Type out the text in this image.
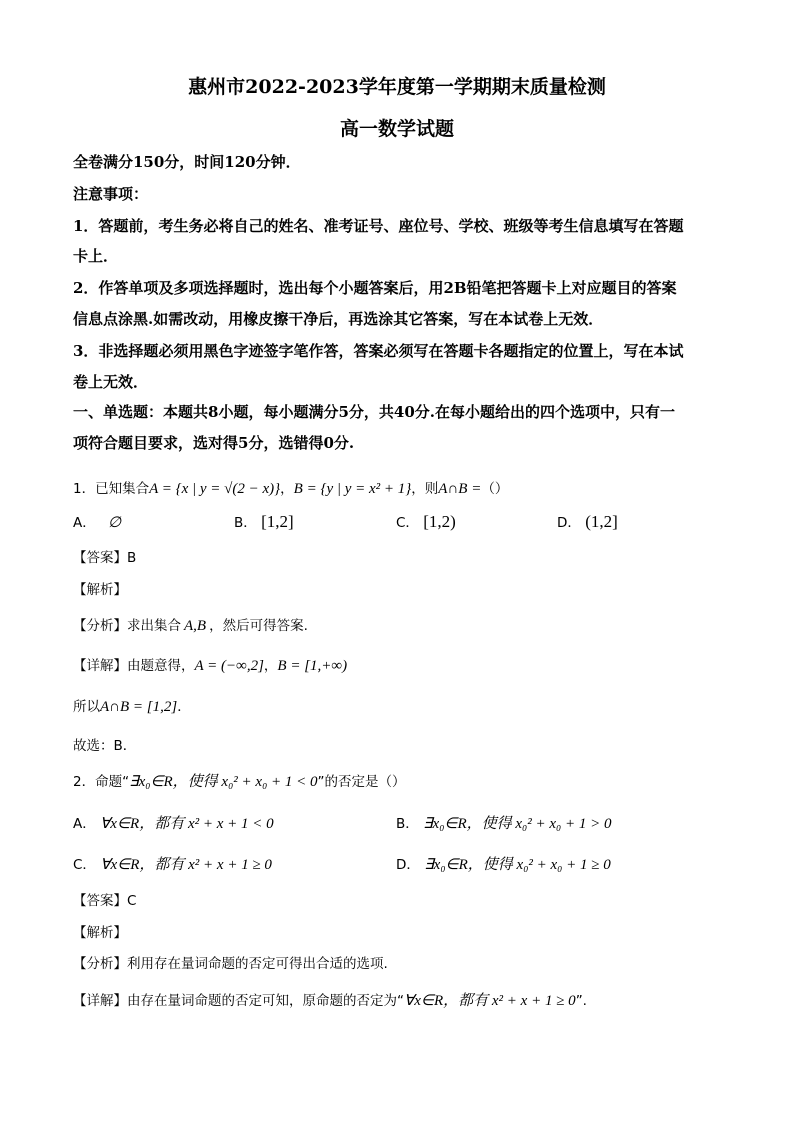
惠州市2022-2023学年度第一学期期末质量检测
高一数学试题
全卷满分150分，时间120分钟．
注意事项：
1．答题前，考生务必将自己的姓名、准考证号、座位号、学校、班级等考生信息填写在答题
卡上．
2．作答单项及多项选择题时，选出每个小题答案后，用2B铅笔把答题卡上对应题目的答案
信息点涂黑.如需改动，用橡皮擦干净后，再选涂其它答案，写在本试卷上无效．
3．非选择题必须用黑色字迹签字笔作答，答案必须写在答题卡各题指定的位置上，写在本试
卷上无效．
一、单选题：本题共8小题，每小题满分5分，共40分.在每小题给出的四个选项中，只有一
项符合题目要求，选对得5分，选错得0分.
1．已知集合A = {x | y = √(2 − x)}，B = {y | y = x² + 1}，则A∩B =（）
A． ∅	B． [1,2]	C． [1,2)	D． (1,2]
【答案】B
【解析】
【分析】求出集合 A,B ，然后可得答案.
【详解】由题意得，A = (−∞,2]，B = [1,+∞)
所以A∩B = [1,2]．
故选：B．
2．命题“∃x₀∈R，使得 x₀² + x₀ + 1 < 0”的否定是（）
A． ∀x∈R，都有 x² + x + 1 < 0	B． ∃x₀∈R，使得 x₀² + x₀ + 1 > 0
C． ∀x∈R，都有 x² + x + 1 ≥ 0	D． ∃x₀∈R，使得 x₀² + x₀ + 1 ≥ 0
【答案】C
【解析】
【分析】利用存在量词命题的否定可得出合适的选项.
【详解】由存在量词命题的否定可知，原命题的否定为“∀x∈R，都有 x² + x + 1 ≥ 0”.
